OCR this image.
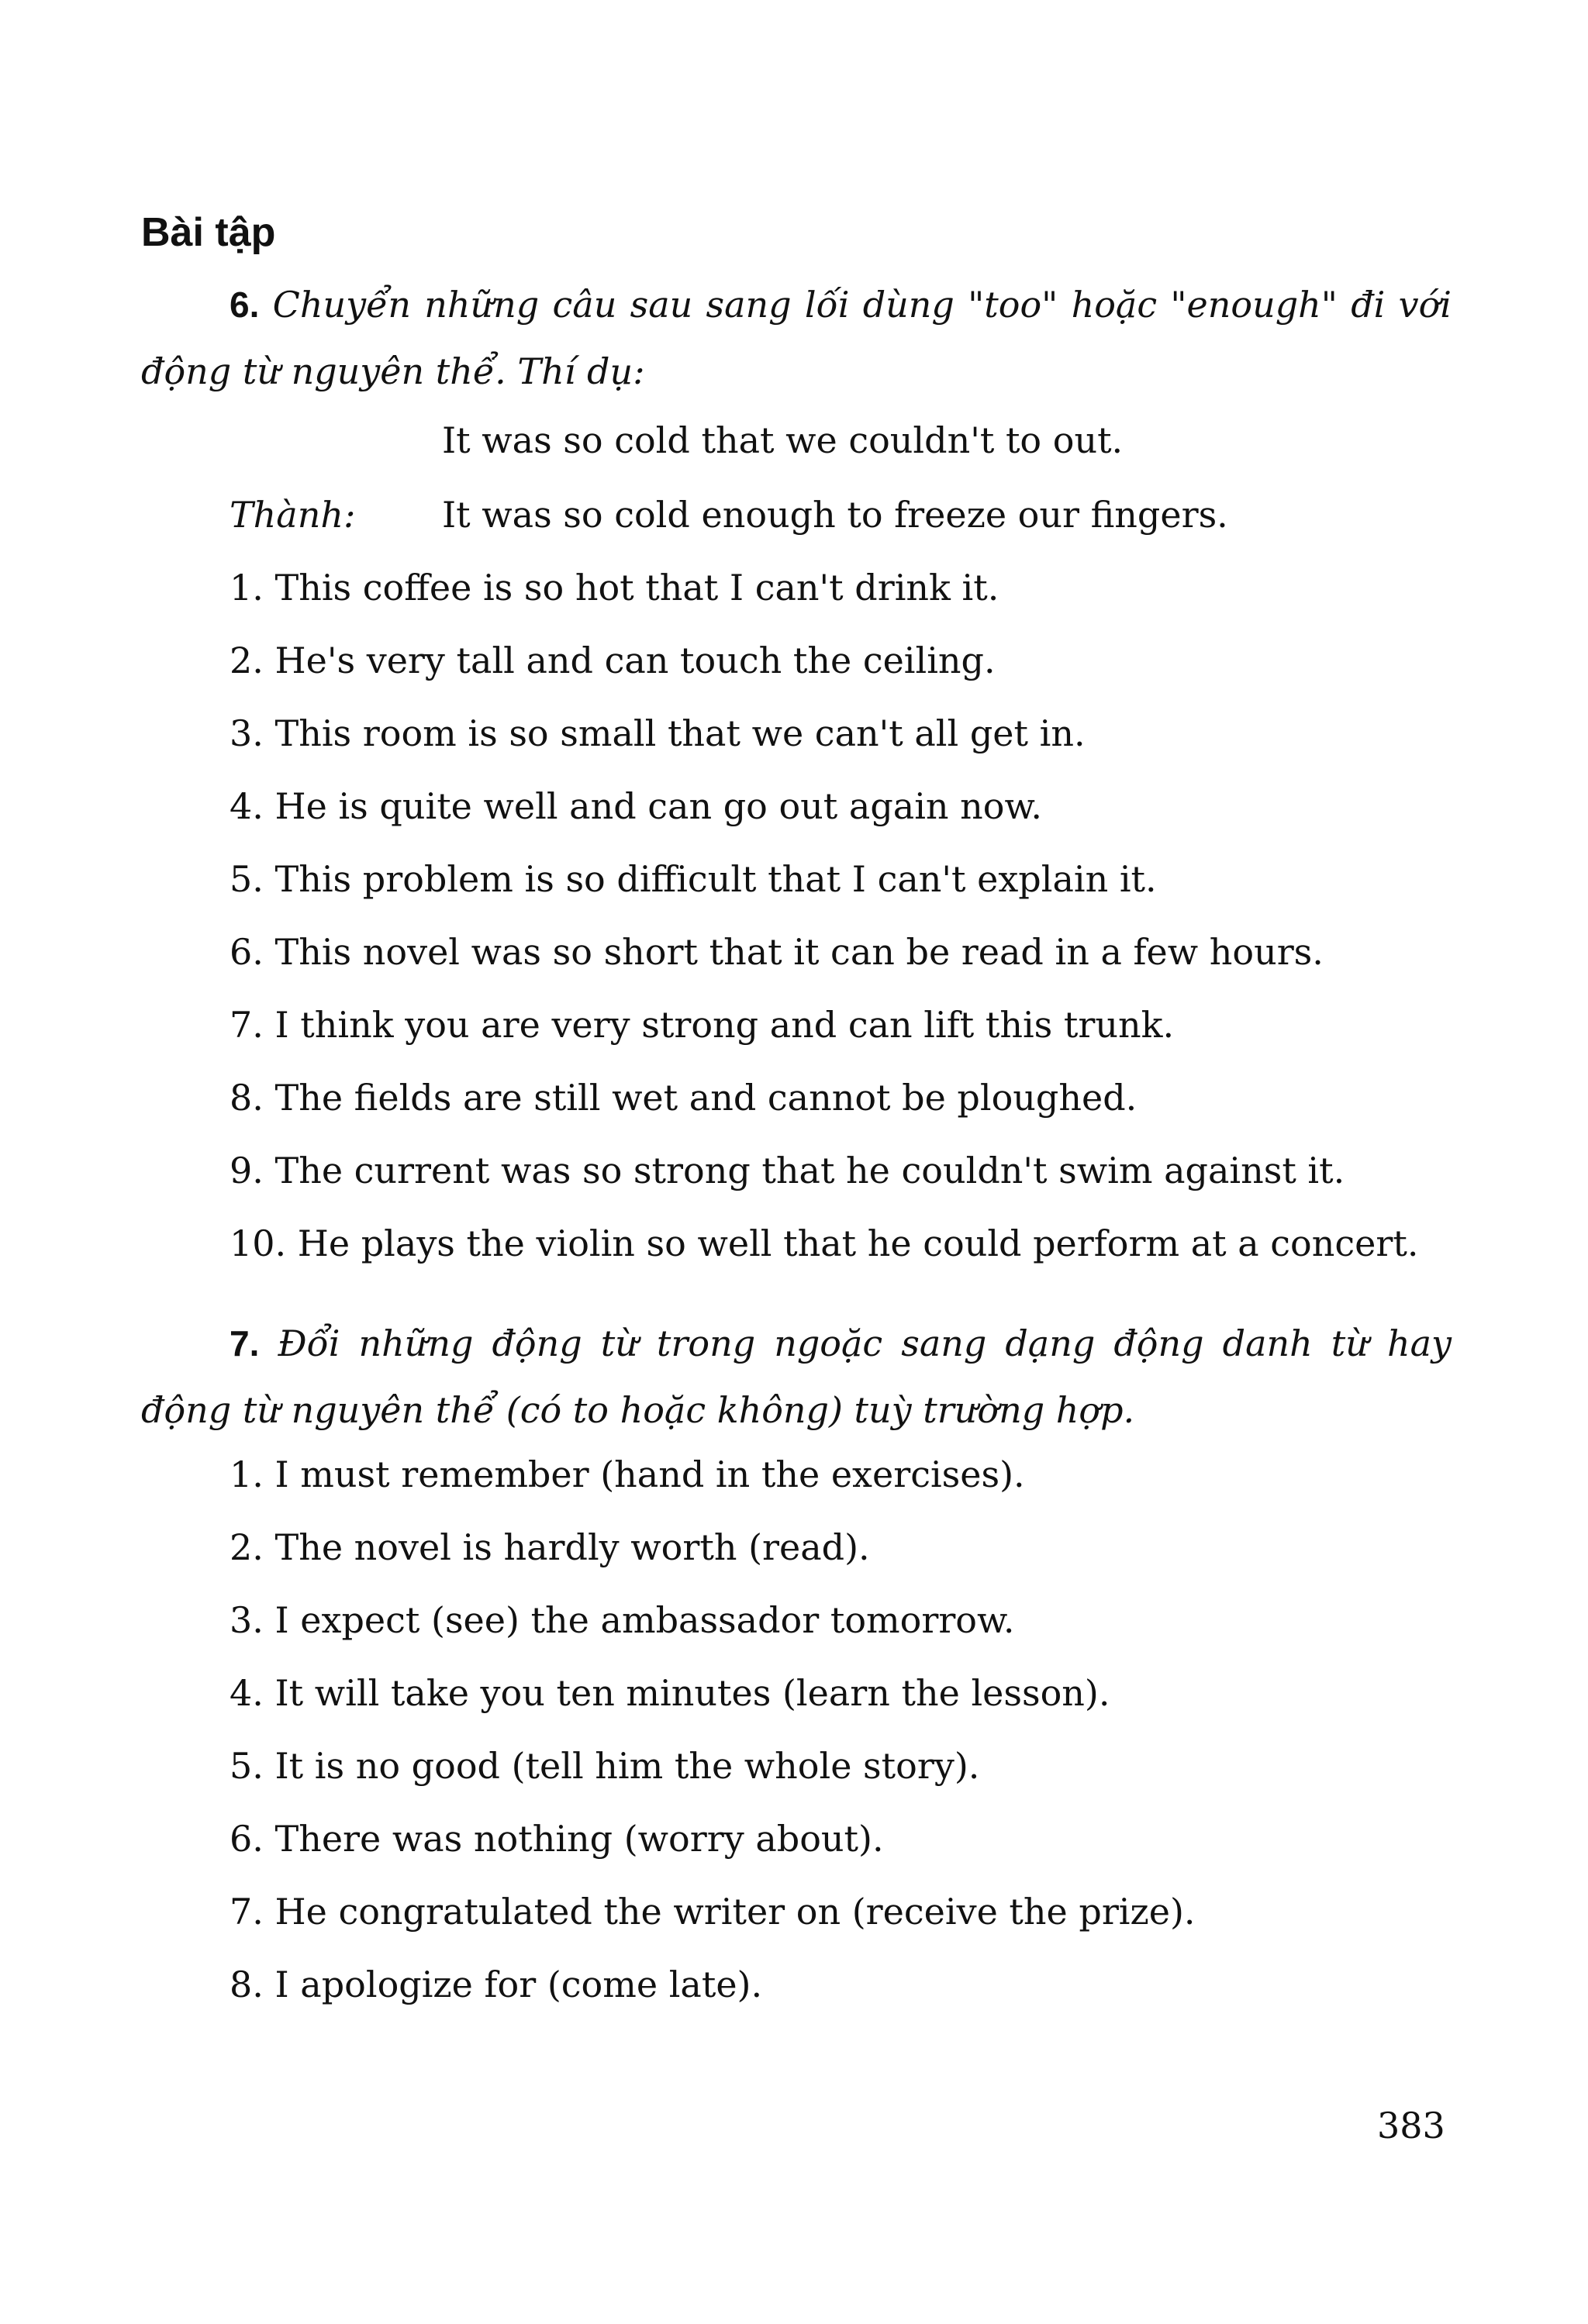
Bài tập

6. Chuyển những câu sau sang lối dùng "too" hoặc "enough" đi với động từ nguyên thể. Thí dụ:

It was so cold that we couldn't to out.

Thành: It was so cold enough to freeze our fingers.

1. This coffee is so hot that I can't drink it.

2. He's very tall and can touch the ceiling.

3. This room is so small that we can't all get in.

4. He is quite well and can go out again now.

5. This problem is so difficult that I can't explain it.

6. This novel was so short that it can be read in a few hours.

7. I think you are very strong and can lift this trunk.

8. The fields are still wet and cannot be ploughed.

9. The current was so strong that he couldn't swim against it.

10. He plays the violin so well that he could perform at a concert.

7. Đổi những động từ trong ngoặc sang dạng động danh từ hay động từ nguyên thể (có to hoặc không) tuỳ trường hợp.

1. I must remember (hand in the exercises).

2. The novel is hardly worth (read).

3. I expect (see) the ambassador tomorrow.

4. It will take you ten minutes (learn the lesson).

5. It is no good (tell him the whole story).

6. There was nothing (worry about).

7. He congratulated the writer on (receive the prize).

8. I apologize for (come late).

383
